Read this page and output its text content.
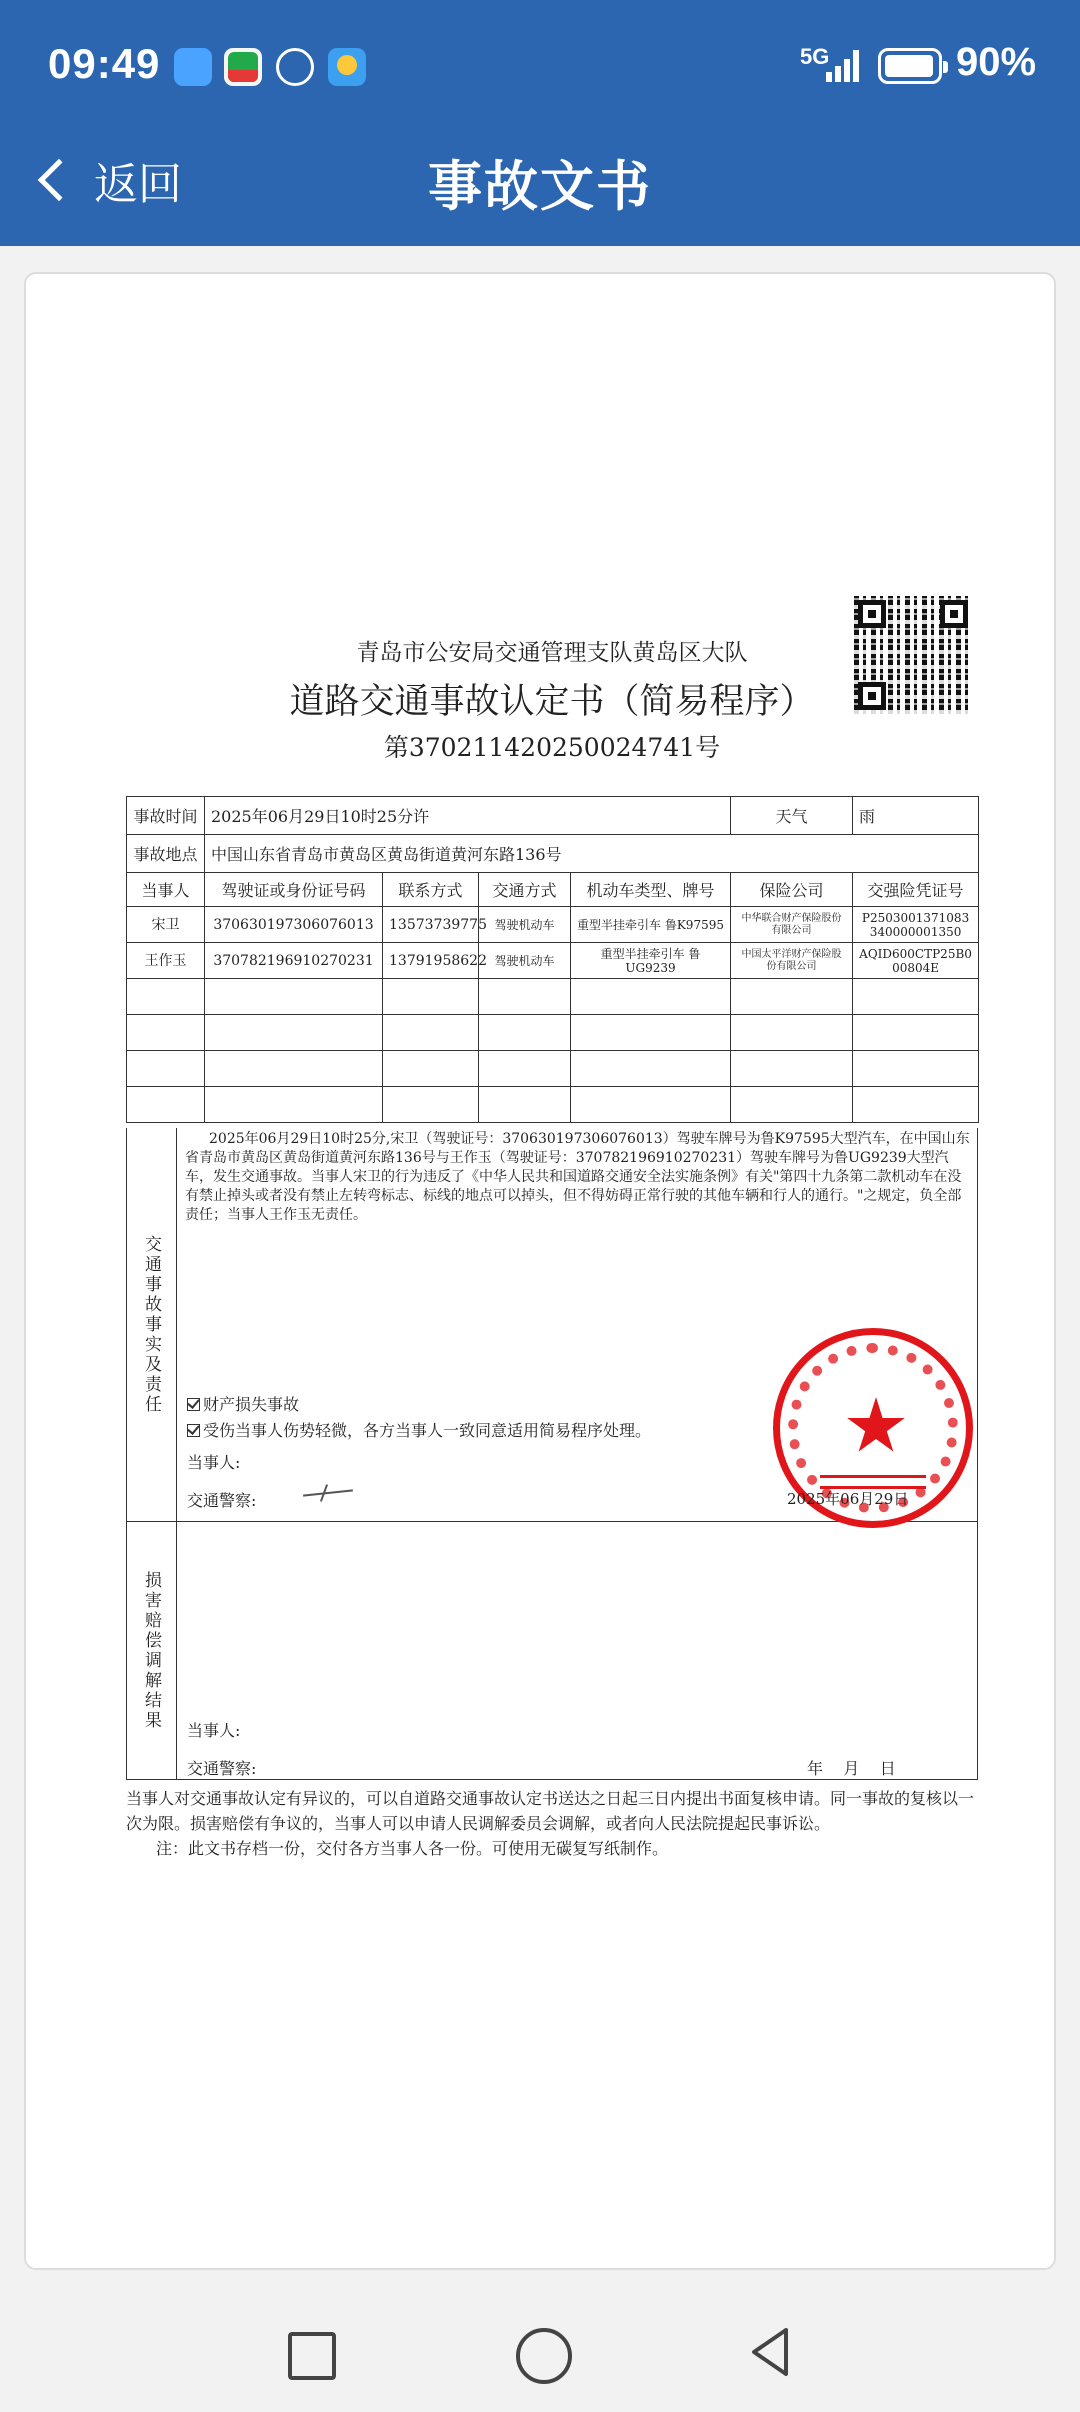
09:49	5G	90%
返回	事故文书
青岛市公安局交通管理支队黄岛区大队
道路交通事故认定书（简易程序）
第370211420250024741号
事故时间	2025年06月29日10时25分许				天气	雨
事故地点	中国山东省青岛市黄岛区黄岛街道黄河东路136号					
当事人	驾驶证或身份证号码	联系方式	交通方式	机动车类型、牌号	保险公司	交强险凭证号
宋卫	370630197306076013	13573739775	驾驶机动车	重型半挂牵引车 鲁K97595	中华联合财产保险股份有限公司	P2503001371083340000001350
王作玉	370782196910270231	13791958622	驾驶机动车	重型半挂牵引车 鲁UG9239	中国太平洋财产保险股份有限公司	AQID600CTP25B000804E

交通事故事实及责任
2025年06月29日10时25分,宋卫（驾驶证号：370630197306076013）驾驶车牌号为鲁K97595大型汽车，在中国山东省青岛市黄岛区黄岛街道黄河东路136号与王作玉（驾驶证号：370782196910270231）驾驶车牌号为鲁UG9239大型汽车，发生交通事故。当事人宋卫的行为违反了《中华人民共和国道路交通安全法实施条例》有关"第四十九条第二款机动车在没有禁止掉头或者没有禁止左转弯标志、标线的地点可以掉头，但不得妨碍正常行驶的其他车辆和行人的通行。"之规定，负全部责任；当事人王作玉无责任。
财产损失事故
受伤当事人伤势轻微，各方当事人一致同意适用简易程序处理。
当事人:
交通警察:	2025年06月29日
损害赔偿调解结果 当事人:
交通警察:	年    月    日
当事人对交通事故认定有异议的，可以自道路交通事故认定书送达之日起三日内提出书面复核申请。同一事故的复核以一次为限。损害赔偿有争议的，当事人可以申请人民调解委员会调解，或者向人民法院提起民事诉讼。
注：此文书存档一份，交付各方当事人各一份。可使用无碳复写纸制作。
